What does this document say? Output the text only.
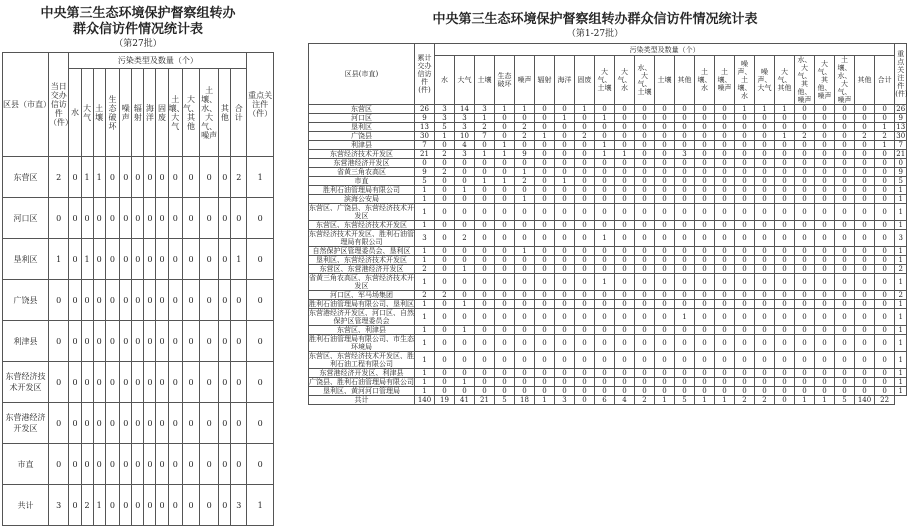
中央第三生态环境保护督察组转办
群众信访件情况统计表
（第27批）
区县（市直）	当日交办信访件（件）	污染类型及数量（个）													重点关注件（件）
		水	大气	土壤	生态破坏	噪声	辐射	海洋	固废	土壤、大气	大气、其他	土壤、水、大气、噪声	其他	合计	
东营区	2	0	1	1	0	0	0	0	0	0	0	0	0	2	1
河口区	0	0	0	0	0	0	0	0	0	0	0	0	0	0	0
垦利区	1	0	1	0	0	0	0	0	0	0	0	0	0	1	0
广饶县	0	0	0	0	0	0	0	0	0	0	0	0	0	0	0
利津县	0	0	0	0	0	0	0	0	0	0	0	0	0	0	0
东营经济技术开发区	0	0	0	0	0	0	0	0	0	0	0	0	0	0	0
东营港经济开发区	0	0	0	0	0	0	0	0	0	0	0	0	0	0	0
市直	0	0	0	0	0	0	0	0	0	0	0	0	0	0	0
共计	3	0	2	1	0	0	0	0	0	0	0	0	0	3	1
中央第三生态环境保护督察组转办群众信访件情况统计表
（第1-27批）
区县(市直)	累计交办信访件(件)	污染类型及数量（个）																							重点关注件(件)	
		水	大气	土壤	生态破坏	噪声	辐射	海洋	固废	大气、土壤	大气、水	水、大气、土壤	土壤	其他	土壤、水	土壤、噪声	噪声、土壤、水	噪声、大气	大气、其他	水、大气、其他、噪声	大气、其他、噪声	土壤、水、大气、噪声	其他	合计		
东营区	26	3	14	3	1	1	0	0	1	0	0	0	0	0	0	0	1	1	1	0	0	0	0	0	26	
河口区	9	3	3	1	0	0	0	1	0	1	0	0	0	0	0	0	0	0	0	0	0	0	0	0	9	
垦利区	13	5	3	2	0	2	0	0	0	0	0	0	0	0	0	0	0	0	0	0	0	0	0	1	13	
广饶县	30	1	10	7	0	2	1	0	2	0	0	0	0	0	0	0	0	0	1	2	0	0	2	2	30	
利津县	7	0	4	0	1	0	0	0	0	1	0	0	0	0	0	0	0	0	0	0	0	0	0	1	7	
东营经济技术开发区	21	2	3	1	1	9	0	0	0	1	1	0	0	3	0	0	0	0	0	0	0	0	0	0	21	
东营港经济开发区	0	0	0	0	0	0	0	0	0	0	0	0	0	0	0	0	0	0	0	0	0	0	0	0	0	
省黄三角农高区	9	2	0	0	0	1	0	0	0	0	0	0	0	0	0	0	0	0	0	0	0	0	0	0	9	
市直	5	0	0	1	1	2	0	1	0	0	0	0	0	0	0	0	0	0	0	0	0	0	0	0	5	
胜利石油管理局有限公司	1	0	1	0	0	0	0	0	0	0	0	0	0	0	0	0	0	0	0	0	0	0	0	0	1	
滨海公安局	1	0	0	0	0	1	0	0	0	0	0	0	0	0	0	0	0	0	0	0	0	0	0	0	1	
东营区、广饶县、东营经济技术开发区	1	0	0	0	0	0	0	0	0	0	0	0	0	0	0	0	0	0	0	0	0	0	0	0	1	
东营区、东营经济技术开发区	1	0	0	0	0	0	0	0	0	0	0	0	0	0	0	0	0	0	0	0	0	0	0	0	1	
东营经济技术开发区、胜利石油管理局有限公司	3	0	2	0	0	0	0	0	0	1	0	0	0	0	0	0	0	0	0	0	0	0	0	0	3	
自然保护区管理委员会、垦利区	1	0	0	0	0	1	0	0	0	0	0	0	0	0	0	0	0	0	0	0	0	0	0	0	1	
垦利区、东营经济技术开发区	1	0	0	0	0	0	0	0	0	0	0	0	0	0	0	0	0	0	0	0	0	0	0	0	1	
东营区、东营港经济开发区	2	0	1	0	0	0	0	0	0	0	0	0	0	0	0	0	0	0	0	0	0	0	0	0	2	
省黄三角农高区、东营经济技术开发区	1	0	0	0	0	0	0	0	0	1	0	0	0	0	0	0	0	0	0	0	0	0	0	0	1	
河口区、军马场集团	2	2	0	0	0	0	0	0	0	0	0	0	0	0	0	0	0	0	0	0	0	0	0	0	2	
胜利石油管理局有限公司、垦利区	1	0	1	0	0	0	0	0	0	0	0	0	0	0	0	0	0	0	0	0	0	0	0	0	1	
东营港经济开发区、河口区、自然保护区管理委员会	1	0	0	0	0	0	0	0	0	0	0	0	0	1	0	0	0	0	0	0	0	0	0	0	1	
东营区、利津县	1	0	1	0	0	0	0	0	0	0	0	0	0	0	0	0	0	0	0	0	0	0	0	0	1	
胜利石油管理局有限公司、市生态环境局	1	0	0	0	0	0	0	0	0	0	0	0	0	0	0	0	0	0	0	0	0	0	0	0	1	
东营区、东营经济技术开发区、胜利石油工程有限公司	1	0	0	0	0	0	0	0	0	0	0	0	0	0	0	0	0	0	0	0	0	0	0	0	1	
东营港经济开发区、利津县	1	0	0	0	0	0	0	0	0	0	0	0	0	0	0	0	0	0	0	0	0	0	0	0	1	
广饶县、胜利石油管理局有限公司	1	0	1	0	0	0	0	0	0	0	0	0	0	0	0	0	0	0	0	0	0	0	0	0	1	
垦利区、黄河河口管理局	1	0	0	0	0	0	0	0	0	0	0	0	0	0	0	0	0	0	0	0	0	0	0	0	1	
共计	140	19	41	21	5	18	1	3	0	6	4	2	1	5	1	1	2	2	0	1	1	5	140	22		
